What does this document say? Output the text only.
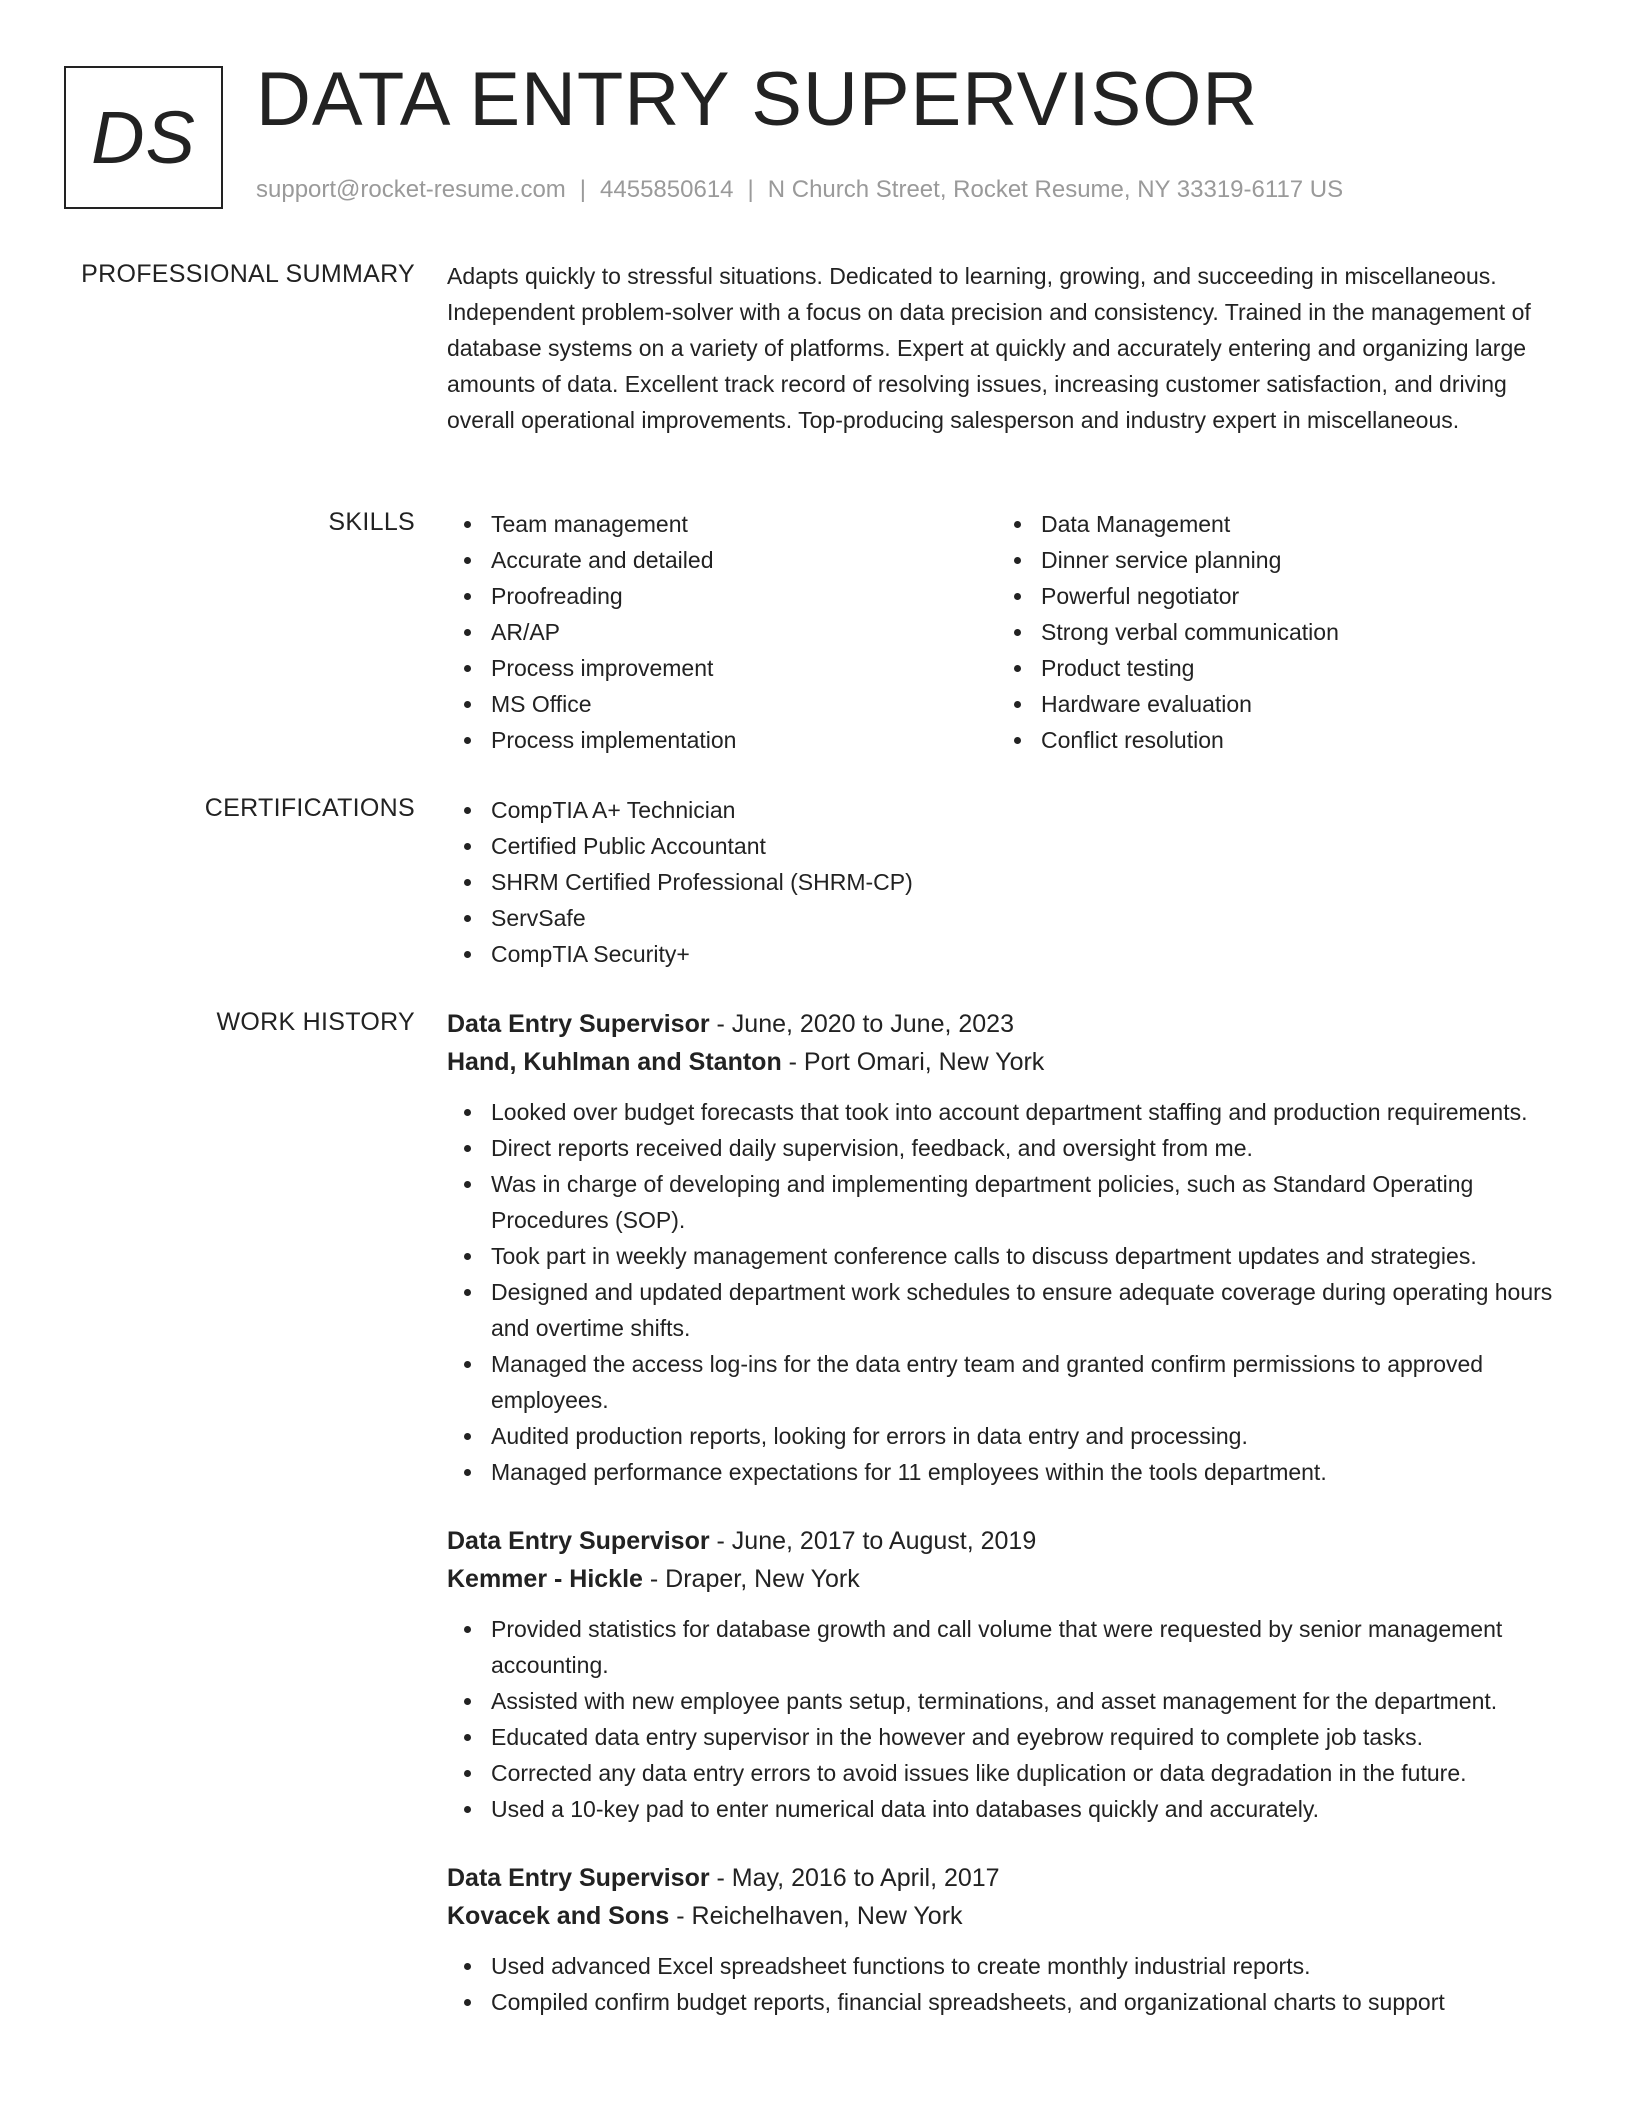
DS DATA ENTRY SUPERVISOR
support@rocket-resume.com | 4455850614 | N Church Street, Rocket Resume, NY 33319-6117 US
PROFESSIONAL SUMMARY Adapts quickly to stressful situations. Dedicated to learning, growing, and succeeding in miscellaneous. Independent problem-solver with a focus on data precision and consistency. Trained in the management of database systems on a variety of platforms. Expert at quickly and accurately entering and organizing large amounts of data. Excellent track record of resolving issues, increasing customer satisfaction, and driving overall operational improvements. Top-producing salesperson and industry expert in miscellaneous.
SKILLS	Team management
Accurate and detailed
Proofreading
AR/AP
Process improvement
MS Office
Process implementation
Data Management
Dinner service planning
Powerful negotiator
Strong verbal communication
Product testing
Hardware evaluation
Conflict resolution
CERTIFICATIONS	CompTIA A+ Technician
Certified Public Accountant
SHRM Certified Professional (SHRM-CP)
ServSafe
CompTIA Security+
WORK HISTORY Data Entry Supervisor - June, 2020 to June, 2023
Hand, Kuhlman and Stanton - Port Omari, New York
Looked over budget forecasts that took into account department staffing and production requirements.
Direct reports received daily supervision, feedback, and oversight from me.
Was in charge of developing and implementing department policies, such as Standard Operating Procedures (SOP).
Took part in weekly management conference calls to discuss department updates and strategies.
Designed and updated department work schedules to ensure adequate coverage during operating hours and overtime shifts.
Managed the access log-ins for the data entry team and granted confirm permissions to approved employees.
Audited production reports, looking for errors in data entry and processing.
Managed performance expectations for 11 employees within the tools department.
Data Entry Supervisor - June, 2017 to August, 2019
Kemmer - Hickle - Draper, New York
Provided statistics for database growth and call volume that were requested by senior management accounting.
Assisted with new employee pants setup, terminations, and asset management for the department.
Educated data entry supervisor in the however and eyebrow required to complete job tasks.
Corrected any data entry errors to avoid issues like duplication or data degradation in the future.
Used a 10-key pad to enter numerical data into databases quickly and accurately.
Data Entry Supervisor - May, 2016 to April, 2017
Kovacek and Sons - Reichelhaven, New York
Used advanced Excel spreadsheet functions to create monthly industrial reports.
Compiled confirm budget reports, financial spreadsheets, and organizational charts to support
